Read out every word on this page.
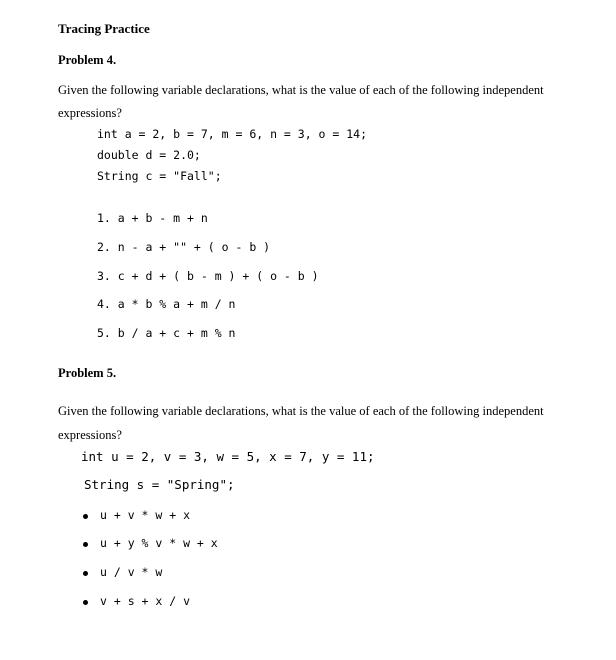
Tracing Practice
Problem 4.
Given the following variable declarations, what is the value of each of the following independent
expressions?
int a = 2, b = 7, m = 6, n = 3, o = 14;
double d = 2.0;
String c = "Fall";
1. a + b - m + n
2. n - a + "" + ( o - b )
3. c + d + ( b - m ) + ( o - b )
4. a * b % a + m / n
5. b / a + c + m % n
Problem 5.
Given the following variable declarations, what is the value of each of the following independent
expressions?
int u = 2, v = 3, w = 5, x = 7, y = 11;
String s = "Spring";
u + v * w + x
u + y % v * w + x
u / v * w
v + s + x / v
